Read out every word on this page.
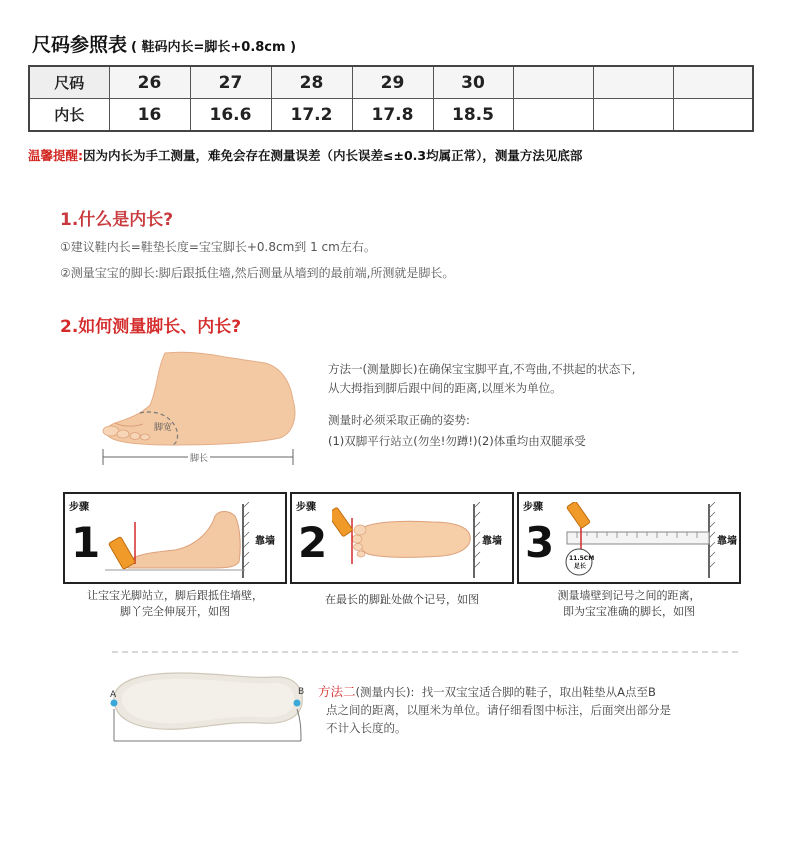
尺码参照表 ( 鞋码内长=脚长+0.8cm )
尺码	26	27	28	29	30			
内长	16	16.6	17.2	17.8	18.5			
温馨提醒:因为内长为手工测量，难免会存在测量误差（内长误差≤±0.3均属正常），测量方法见底部
1.什么是内长?
①建议鞋内长=鞋垫长度=宝宝脚长+0.8cm到 1 cm左右。
②测量宝宝的脚长:脚后跟抵住墙,然后测量从墙到的最前端,所测就是脚长。
2.如何测量脚长、内长?
脚宽
脚长
方法一(测量脚长)在确保宝宝脚平直,不弯曲,不拱起的状态下,
从大拇指到脚后跟中间的距离,以厘米为单位。
测量时必须采取正确的姿势:
(1)双脚平行站立(勿坐!勿蹲!)(2)体重均由双腿承受
步骤
1	靠墙
让宝宝光脚站立，脚后跟抵住墙壁，
脚丫完全伸展开，如图
步骤
2	靠墙
在最长的脚趾处做个记号，如图
步骤
3 11.5CM
足长
靠墙
测量墙壁到记号之间的距离，
即为宝宝准确的脚长，如图
A	B 方法二(测量内长): 找一双宝宝适合脚的鞋子，取出鞋垫从A点至B
点之间的距离，以厘米为单位。请仔细看图中标注，后面突出部分是
不计入长度的。
